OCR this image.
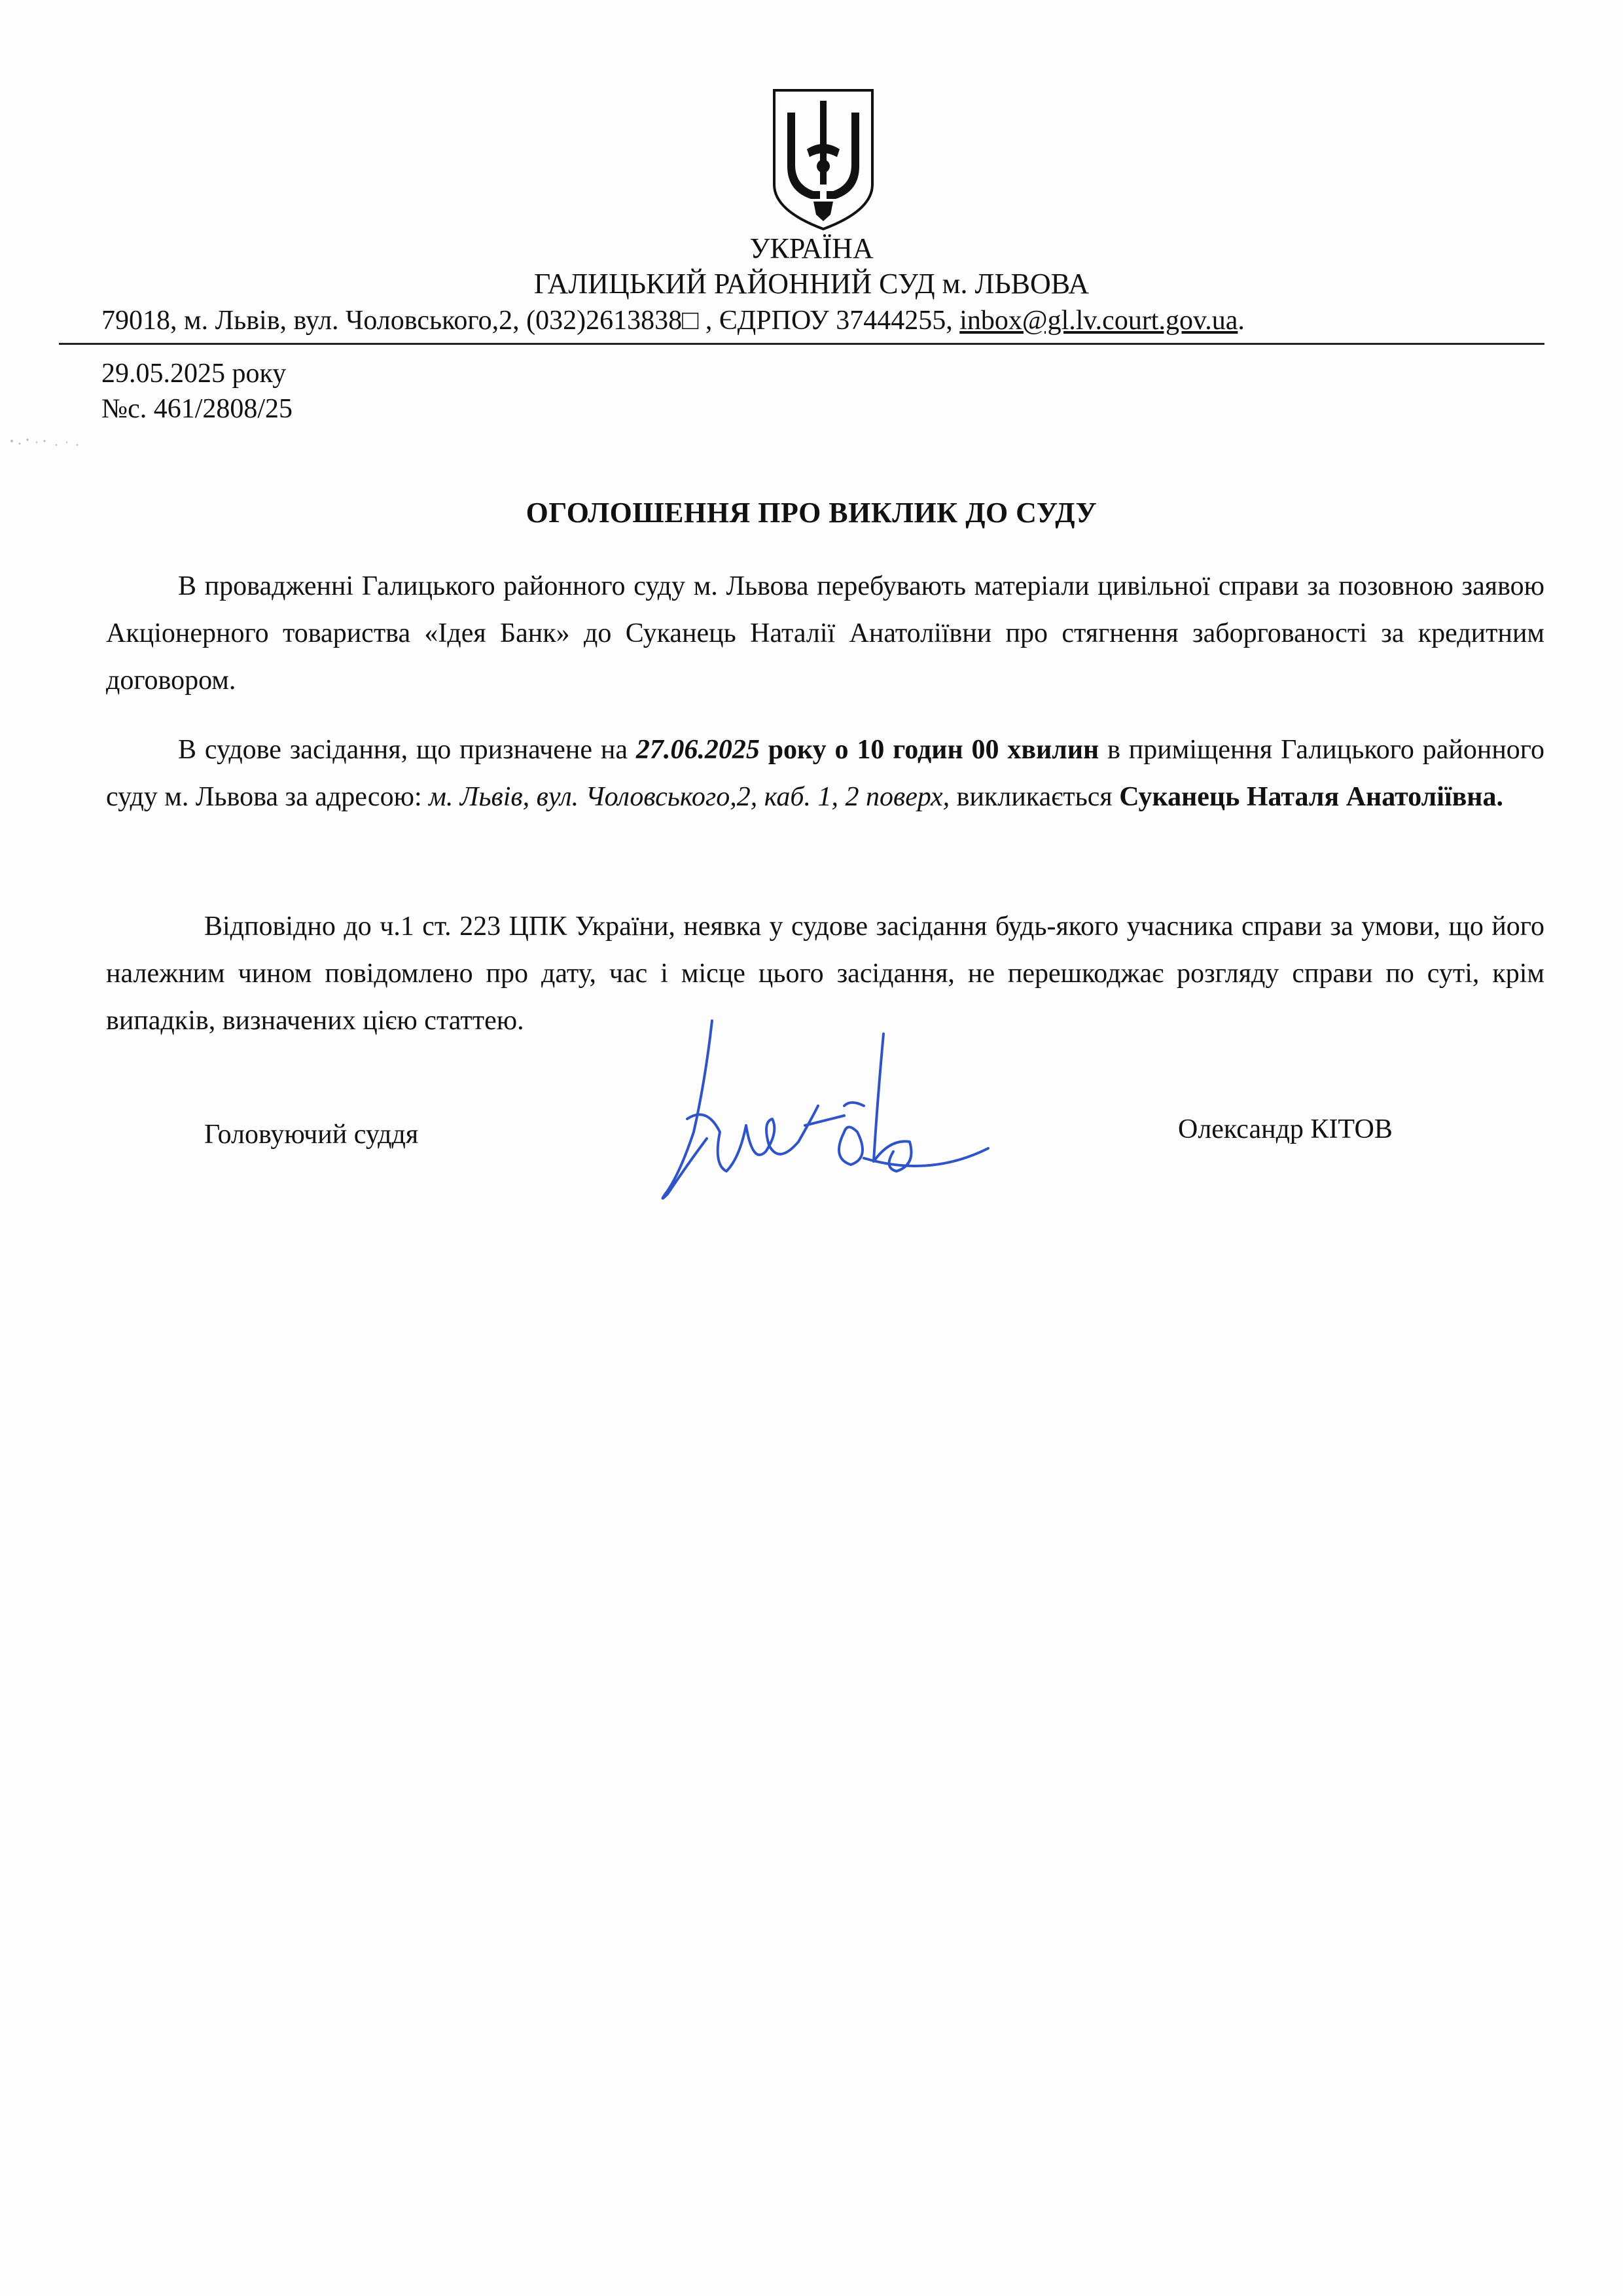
УКРАЇНА
ГАЛИЦЬКИЙ РАЙОННИЙ СУД м. ЛЬВОВА
79018, м. Львів, вул. Чоловського,2, (032)2613838□ , ЄДРПОУ 37444255, inbox@gl.lv.court.gov.ua.
29.05.2025 року
№с. 461/2808/25
ОГОЛОШЕННЯ ПРО ВИКЛИК ДО СУДУ

В провадженні Галицького районного суду м. Львова перебувають матеріали цивільної справи за позовною заявою Акціонерного товариства «Ідея Банк» до Суканець Наталії Анатоліївни про стягнення заборгованості за кредитним договором.

В судове засідання, що призначене на 27.06.2025 року о 10 годин 00 хвилин в приміщення Галицького районного суду м. Львова за адресою: м. Львів, вул. Чоловського,2, каб. 1, 2 поверх, викликається Суканець Наталя Анатоліївна.

Відповідно до ч.1 ст. 223 ЦПК України, неявка у судове засідання будь-якого учасника справи за умови, що його належним чином повідомлено про дату, час і місце цього засідання, не перешкоджає розгляду справи по суті, крім випадків, визначених цією статтею.

Головуючий суддя	Олександр КІТОВ
